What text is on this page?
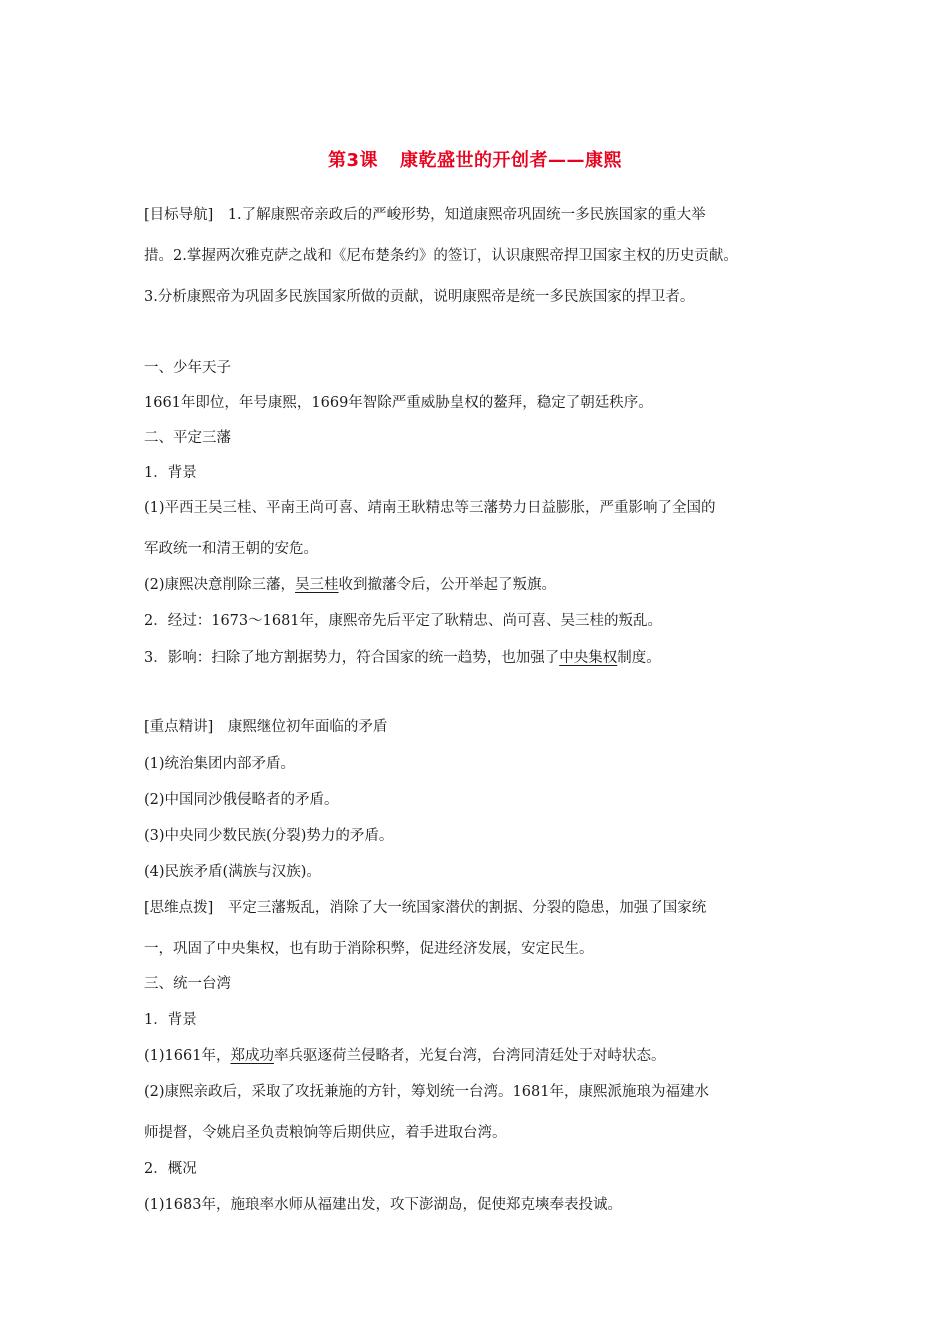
第3课 康乾盛世的开创者——康熙
[目标导航]　1.了解康熙帝亲政后的严峻形势，知道康熙帝巩固统一多民族国家的重大举
措。2.掌握两次雅克萨之战和《尼布楚条约》的签订，认识康熙帝捍卫国家主权的历史贡献。
3.分析康熙帝为巩固多民族国家所做的贡献，说明康熙帝是统一多民族国家的捍卫者。
一、少年天子
1661年即位，年号康熙，1669年智除严重威胁皇权的鳌拜，稳定了朝廷秩序。
二、平定三藩
1．背景
(1)平西王吴三桂、平南王尚可喜、靖南王耿精忠等三藩势力日益膨胀，严重影响了全国的
军政统一和清王朝的安危。
(2)康熙决意削除三藩，吴三桂收到撤藩令后，公开举起了叛旗。
2．经过：1673～1681年，康熙帝先后平定了耿精忠、尚可喜、吴三桂的叛乱。
3．影响：扫除了地方割据势力，符合国家的统一趋势，也加强了中央集权制度。
[重点精讲]　康熙继位初年面临的矛盾
(1)统治集团内部矛盾。
(2)中国同沙俄侵略者的矛盾。
(3)中央同少数民族(分裂)势力的矛盾。
(4)民族矛盾(满族与汉族)。
[思维点拨]　平定三藩叛乱，消除了大一统国家潜伏的割据、分裂的隐患，加强了国家统
一，巩固了中央集权，也有助于消除积弊，促进经济发展，安定民生。
三、统一台湾
1．背景
(1)1661年，郑成功率兵驱逐荷兰侵略者，光复台湾，台湾同清廷处于对峙状态。
(2)康熙亲政后，采取了攻抚兼施的方针，筹划统一台湾。1681年，康熙派施琅为福建水
师提督，令姚启圣负责粮饷等后期供应，着手进取台湾。
2．概况
(1)1683年，施琅率水师从福建出发，攻下澎湖岛，促使郑克塽奉表投诚。
